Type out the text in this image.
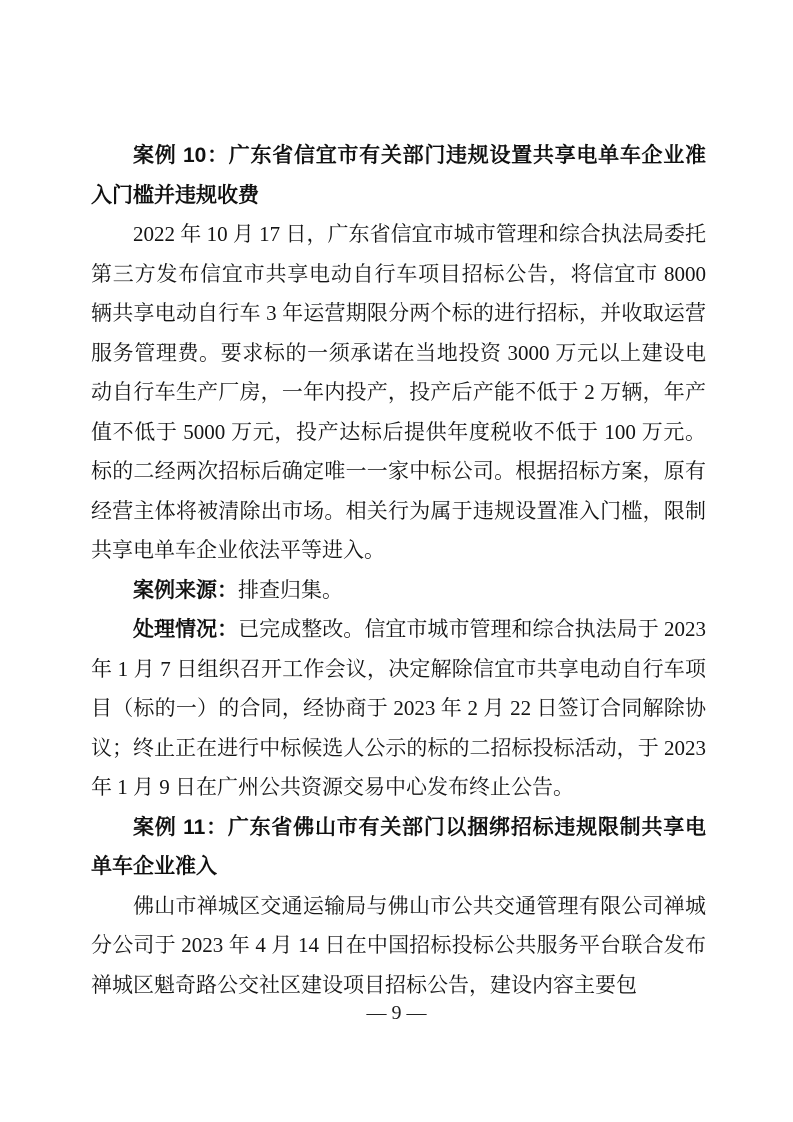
案例 10：广东省信宜市有关部门违规设置共享电单车企业准入门槛并违规收费

2022 年 10 月 17 日，广东省信宜市城市管理和综合执法局委托第三方发布信宜市共享电动自行车项目招标公告，将信宜市 8000 辆共享电动自行车 3 年运营期限分两个标的进行招标，并收取运营服务管理费。要求标的一须承诺在当地投资 3000 万元以上建设电动自行车生产厂房，一年内投产，投产后产能不低于 2 万辆，年产值不低于 5000 万元，投产达标后提供年度税收不低于 100 万元。标的二经两次招标后确定唯一一家中标公司。根据招标方案，原有经营主体将被清除出市场。相关行为属于违规设置准入门槛，限制共享电单车企业依法平等进入。

案例来源：排查归集。

处理情况：已完成整改。信宜市城市管理和综合执法局于 2023 年 1 月 7 日组织召开工作会议，决定解除信宜市共享电动自行车项目（标的一）的合同，经协商于 2023 年 2 月 22 日签订合同解除协议；终止正在进行中标候选人公示的标的二招标投标活动，于 2023 年 1 月 9 日在广州公共资源交易中心发布终止公告。

案例 11：广东省佛山市有关部门以捆绑招标违规限制共享电单车企业准入

佛山市禅城区交通运输局与佛山市公共交通管理有限公司禅城分公司于 2023 年 4 月 14 日在中国招标投标公共服务平台联合发布禅城区魁奇路公交社区建设项目招标公告，建设内容主要包

— 9 —
